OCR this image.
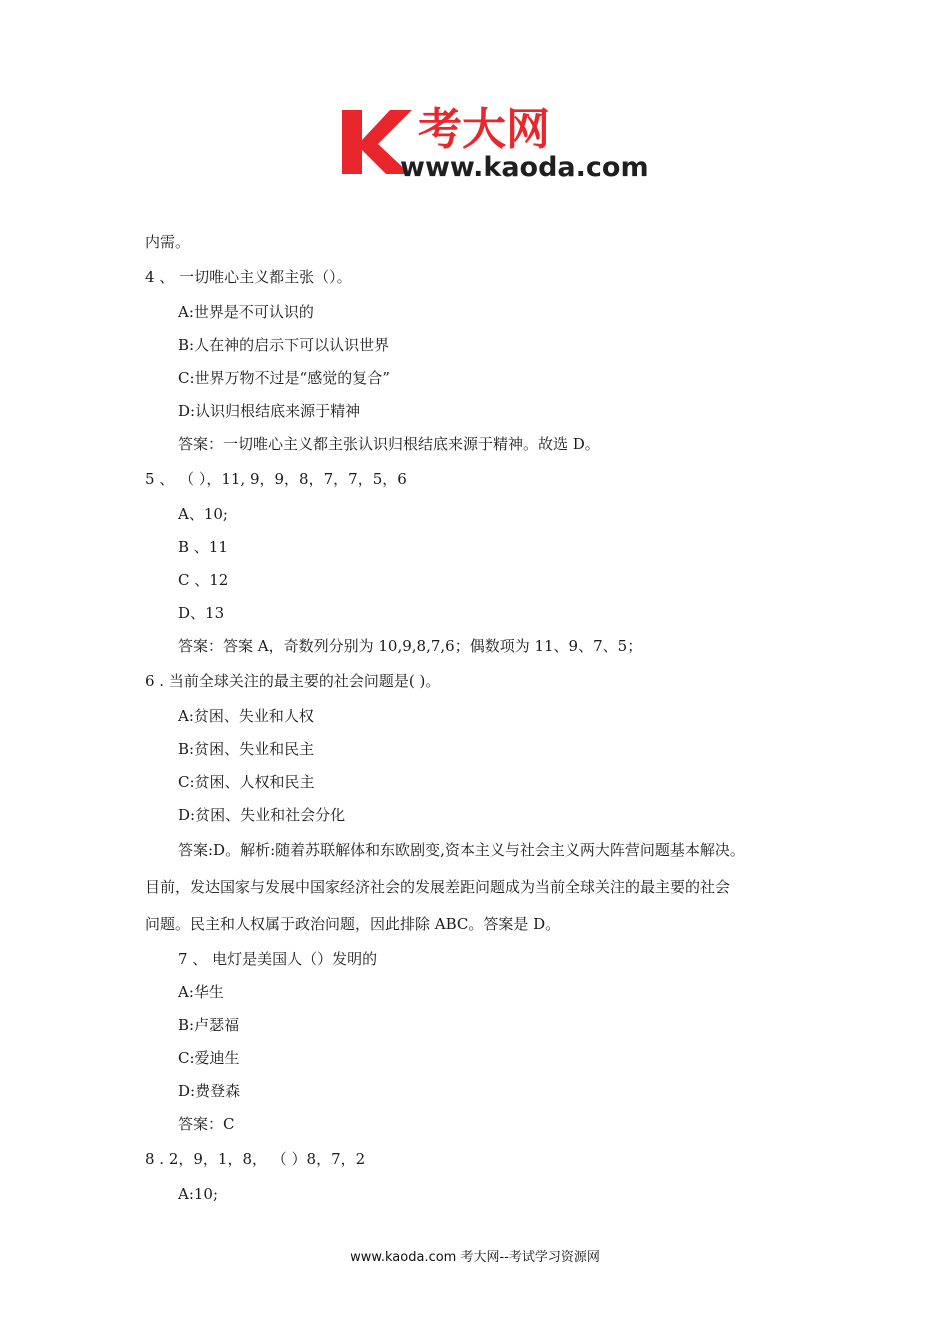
考大网
www.kaoda.com
内需。
4 、 一切唯心主义都主张（）。
A:世界是不可认识的
B:人在神的启示下可以认识世界
C:世界万物不过是“感觉的复合”
D:认识归根结底来源于精神
答案：一切唯心主义都主张认识归根结底来源于精神。故选 D。
5 、 （ ），11, 9，9，8，7，7，5，6
A、10;
B 、11
C 、12
D、13
答案：答案 A，奇数列分别为 10,9,8,7,6；偶数项为 11、9、7、5；
6 . 当前全球关注的最主要的社会问题是( )。
A:贫困、失业和人权
B:贫困、失业和民主
C:贫困、人权和民主
D:贫困、失业和社会分化
答案:D。解析:随着苏联解体和东欧剧变,资本主义与社会主义两大阵营问题基本解决。
目前，发达国家与发展中国家经济社会的发展差距问题成为当前全球关注的最主要的社会
问题。民主和人权属于政治问题，因此排除 ABC。答案是 D。
7 、 电灯是美国人（）发明的
A:华生
B:卢瑟福
C:爱迪生
D:费登森
答案：C
8 . 2，9，1，8， （ ）8，7，2
A:10;
www.kaoda.com 考大网--考试学习资源网
